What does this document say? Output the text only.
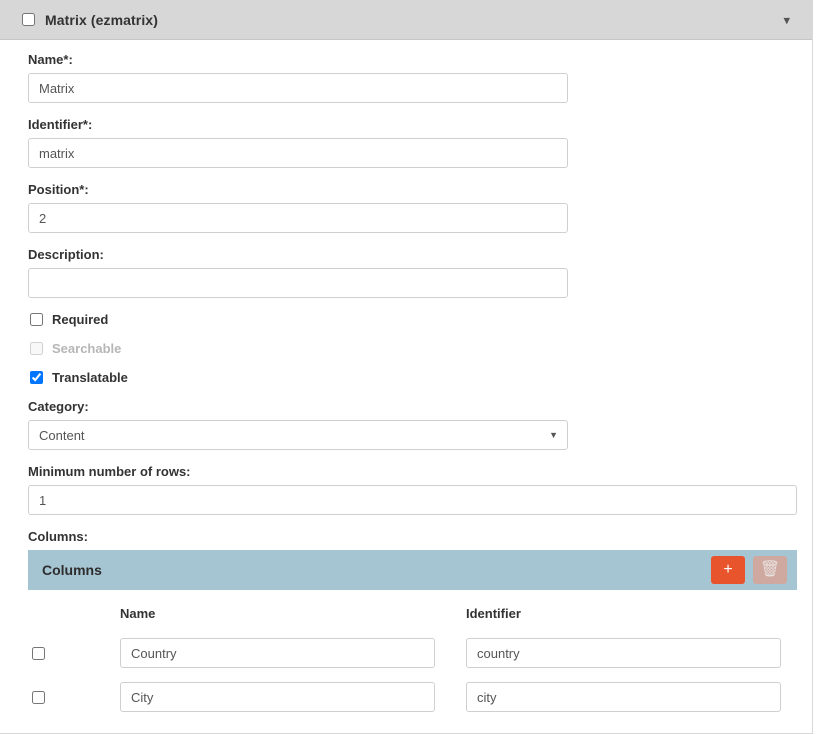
Matrix (ezmatrix)	▾
Name*:
Matrix
Identifier*:
matrix
Position*:
2
Description:
Required
Searchable
Translatable
Category:
Content
▼
Minimum number of rows:
1
Columns:
Columns	+ 🗑
	Name	Identifier
	Country	country
	City	city
